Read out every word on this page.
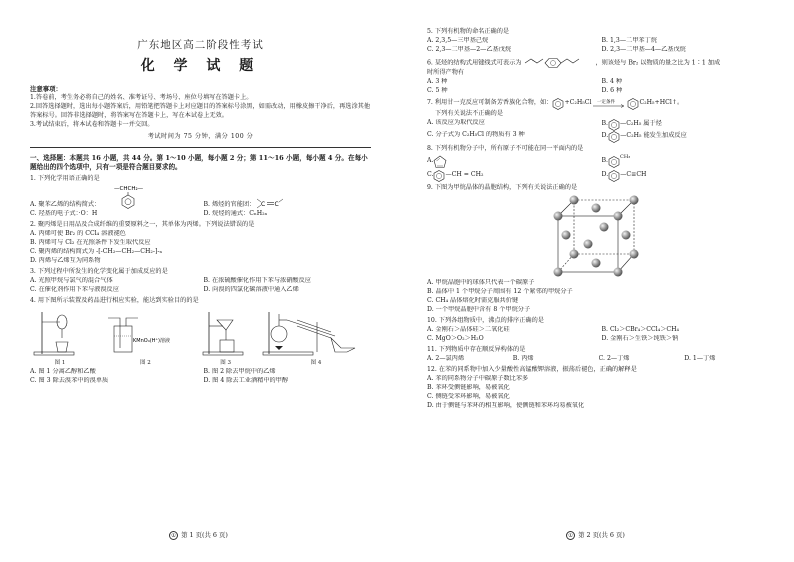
广东地区高二阶段性考试
化 学 试 题
注意事项：

1.答卷前，考生务必将自己的姓名、准考证号、考场号、座位号填写在答题卡上。

2.回答选择题时，选出每小题答案后，用铅笔把答题卡上对应题目的答案标号涂黑，如需改动，用橡皮擦干净后，再选涂其他答案标号。回答非选择题时，将答案写在答题卡上，写在本试卷上无效。

3.考试结束后，将本试卷和答题卡一并交回。

考试时间为 75 分钟，满分 100 分
一、选择题：本题共 16 小题，共 44 分。第 1～10 小题，每小题 2 分；第 11～16 小题，每小题 4 分。在每小题给出的四个选项中，只有一项是符合题目要求的。
1. 下列化学用语正确的是
A. 聚苯乙烯的结构简式：
—CHCH₂—
B. 烯烃的官能团： C C
C. 羟基的电子式：·Ö：H	D. 烷烃的通式：CₙH₂ₙ
2. 聚丙烯是日用品及合成纤维的重要原料之一，其单体为丙烯。下列说法错误的是
A. 丙烯可使 Br₂ 的 CCl₄ 溶液褪色
B. 丙烯可与 Cl₂ 在光照条件下发生取代反应
C. 聚丙烯的结构简式为 -[-CH₂—CH₂—CH₂-]-ₙ
D. 丙烯与乙烯互为同系物
3. 下列过程中所发生的化学变化属于加成反应的是
A. 光照甲烷与氯气的混合气体	B. 在浓硫酸催化作用下苯与浓硝酸反应
C. 在催化剂作用下苯与液溴反应	D. 向溴的四氯化碳溶液中通入乙烯
4. 用下图所示装置及药品进行相应实验，能达到实验目的的是
图 1
KMnO₄(H⁺)溶液
图 2	图 3	图 4
A. 图 1 分离乙醇和乙酸	B. 图 2 除去甲烷中的乙烯
C. 图 3 除去溴苯中的溴单质	D. 图 4 除去工业酒精中的甲醇
① 第 1 页(共 6 页)
5. 下列有机物的命名正确的是
A. 2,3,5—三甲基己烷	B. 1,3—二甲苯丁烷
C. 2,3—二甲基—2—乙基戊烷	D. 2,3—二甲基—4—乙基戊烷
6. 某烃的结构式用键线式可表示为	，则该烃与 Br₂ 以物质的量之比为 1∶1 加成
时所得产物有
A. 3 种	B. 4 种
C. 5 种	D. 6 种
7. 利用甘一克反应可制备芳香族化合物，如： +C₂H₅Cl 一定条件	C₂H₅+HCl↑。
下列有关说法不正确的是
A. 该反应为取代反应	B. —C₂H₅ 属于烃
C. 分子式为 C₂H₅Cl 的物质有 3 种	D. —C₂H₅ 能发生加成反应
8. 下列有机物分子中，所有原子不可能在同一平面内的是
A.	B.
CH₃
C. —CH = CH₂	D. —C≡CH
9. 下图为甲烷晶体的晶胞结构，下列有关说法正确的是
A. 甲烷晶胞中的球体只代表一个碳原子
B. 晶体中 1 个甲烷分子周围有 12 个紧邻的甲烷分子
C. CH₄ 晶体熔化时需克服共价键
D. 一个甲烷晶胞中含有 8 个甲烷分子
10. 下列各组物质中，沸点的排序正确的是
A. 金刚石＞晶体硅＞二氧化硅	B. Cl₂＞CBr₄＞CCl₄＞CH₄
C. MgO＞O₂＞H₂O	D. 金刚石＞生铁＞纯铁＞钠
11. 下列物质中存在顺反异构体的是
A. 2—氯丙烯	B. 丙烯	C. 2—丁烯	D. 1—丁烯
12. 在苯的同系物中加入少量酸性高锰酸钾溶液，振荡后褪色，正确的解释是
A. 苯的同系物分子中碳原子数比苯多
B. 苯环受侧链影响，易被氧化
C. 侧链受苯环影响，易被氧化
D. 由于侧链与苯环的相互影响，使侧链和苯环均易被氧化
① 第 2 页(共 6 页)
